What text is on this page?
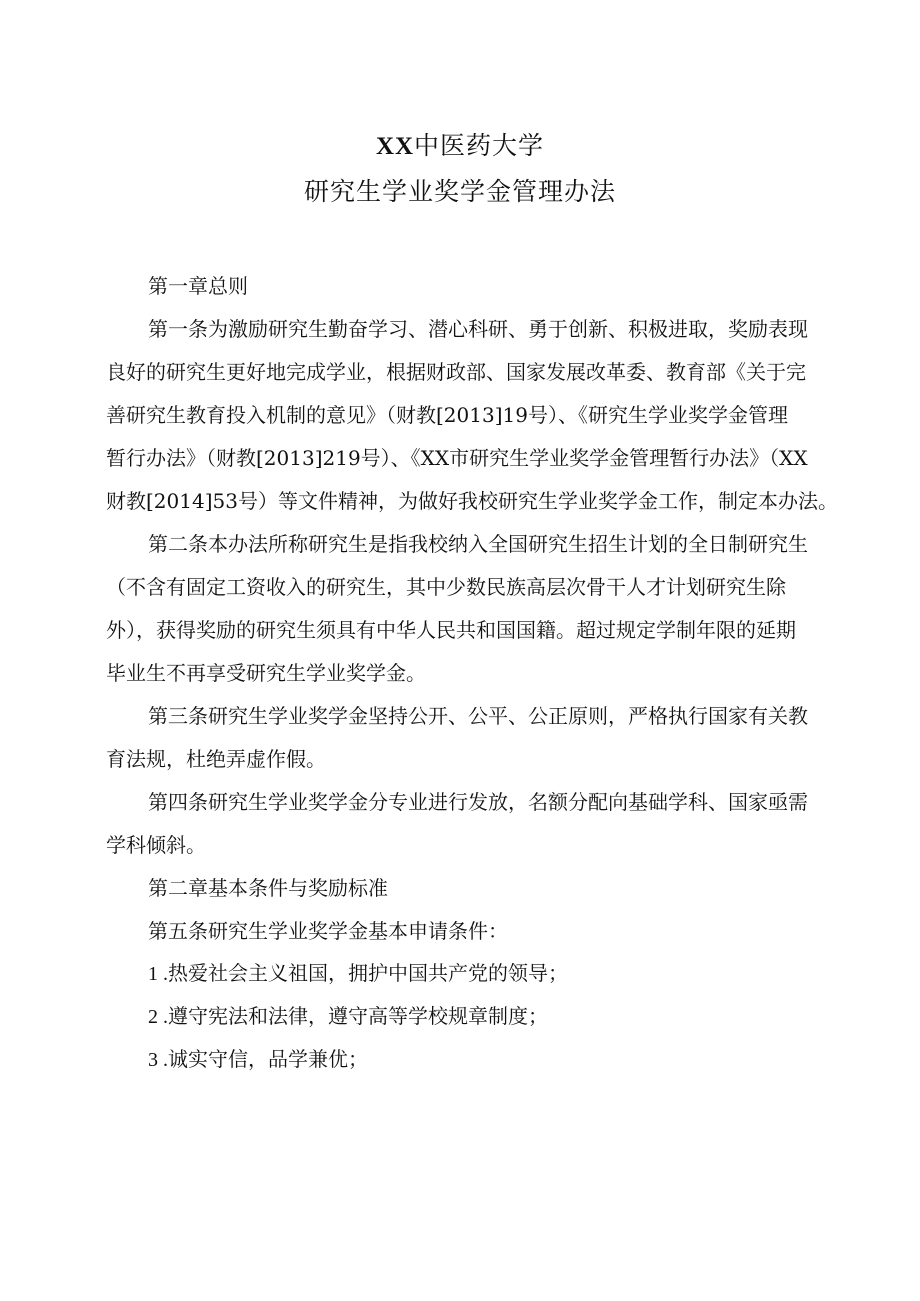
XX中医药大学
研究生学业奖学金管理办法
第一章总则
第一条为激励研究生勤奋学习、潜心科研、勇于创新、积极进取，奖励表现
良好的研究生更好地完成学业，根据财政部、国家发展改革委、教育部《关于完
善研究生教育投入机制的意见》（财教[2013]19号）、《研究生学业奖学金管理
暂行办法》（财教[2013]219号）、《XX市研究生学业奖学金管理暂行办法》（XX
财教[2014]53号）等文件精神，为做好我校研究生学业奖学金工作，制定本办法。
第二条本办法所称研究生是指我校纳入全国研究生招生计划的全日制研究生
（不含有固定工资收入的研究生，其中少数民族高层次骨干人才计划研究生除
外），获得奖励的研究生须具有中华人民共和国国籍。超过规定学制年限的延期
毕业生不再享受研究生学业奖学金。
第三条研究生学业奖学金坚持公开、公平、公正原则，严格执行国家有关教
育法规，杜绝弄虚作假。
第四条研究生学业奖学金分专业进行发放，名额分配向基础学科、国家亟需
学科倾斜。
第二章基本条件与奖励标准
第五条研究生学业奖学金基本申请条件：
1 .热爱社会主义祖国，拥护中国共产党的领导；
2 .遵守宪法和法律，遵守高等学校规章制度；
3 .诚实守信，品学兼优；
